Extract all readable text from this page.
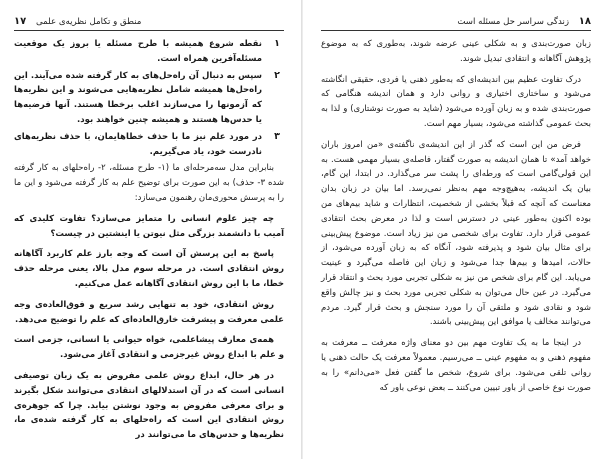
۱۷ منطق و تکامل نظریه‌ی علمی
۱
نقطه شروع همیشه با طرح مسئله یا بروز یک موقعیت مسئله‌آفرین همراه است.
۲
سپس به دنبال آن راه‌حل‌های به کار گرفته شده می‌آیند. این راه‌حل‌ها همیشه شامل نظریه‌هایی می‌شوند و این نظریه‌ها که آزمونها را می‌سازند اغلب برخطا هستند. آنها فرضیه‌ها یا حدس‌ها هستند و همیشه چنین خواهند بود.
۳
در مورد علم نیز ما با حذف خطاهایمان، با حذف نظریه‌های نادرست خود، یاد می‌گیریم.

بنابراین مدل سه‌مرحله‌ای ما (۱- طرح مسئله، ۲- راه‌حلهای به کار گرفته شده ۳- حذف) به این صورت برای توضیح علم به کار گرفته می‌شود و این ما را به پرسش محوری‌مان رهنمون می‌سازد:

چه چیز علوم انسانی را متمایز می‌سازد؟ تفاوت کلیدی که آمیب با دانشمند بزرگی مثل نیوتن یا اینشتین در چیست؟

پاسخ به این پرسش آن است که وجه بارز علم کاربرد آگاهانه روش انتقادی است. در مرحله سوم مدل بالا، یعنی مرحله حذف خطا، ما با این روش انتقادی آگاهانه عمل می‌کنیم.

روش انتقادی، خود به تنهایی رشد سریع و فوق‌العاده‌ی وجه علمی معرفت و پیشرفت خارق‌العاده‌ای که علم را توضیح می‌دهد.

همه‌ی معارف پیشاعلمی، خواه حیوانی یا انسانی، جزمی است و علم با ابداع روش غیرجزمی و انتقادی آغاز می‌شود.

در هر حال، ابداع روش علمی مفروض به یک زبان توصیفی انسانی است که در آن استدلالهای انتقادی می‌توانند شکل بگیرند و برای معرفی مفروض به وجود نوشتن بیابد. چرا که جوهره‌ی روش انتقادی این است که راه‌حلهای به کار گرفته شده‌ی ما، نظریه‌ها و حدس‌های ما می‌توانند در

۱۸
زندگی سراسر حل مسئله است

زبان صورت‌بندی و به شکلی عینی عرضه شوند، به‌طوری که به موضوع پژوهش آگاهانه و انتقادی تبدیل شوند.

درک تفاوت عظیم بین اندیشه‌ای که به‌طور ذهنی یا فردی، حقیقی انگاشته می‌شود و ساختاری اختیاری و روانی دارد و همان اندیشه هنگامی که صورت‌بندی شده و به زبان آورده می‌شود (شاید به صورت نوشتاری) و لذا به بحث عمومی گذاشته می‌شود، بسیار مهم است.

فرض من این است که گذر از این اندیشه‌ی ناگفته‌ی «من امروز باران خواهد آمد» تا همان اندیشه به صورت گفتار، فاصله‌ی بسیار مهمی هست. به این قولی‌گامی است که ورطه‌ای را پشت سر می‌گذارد. در ابتدا، این گام، بیان یک اندیشه، به‌هیچ‌وجه مهم به‌نظر نمی‌رسد. اما بیان در زبان بدان معناست که آنچه که قبلاً بخشی از شخصیت، انتظارات و شاید بیم‌های من بوده اکنون به‌طور عینی در دسترس است و لذا در معرض بحث انتقادی عمومی قرار دارد. تفاوت برای شخصی من نیز زیاد است. موضوع پیش‌بینی برای مثال بیان شود و پذیرفته شود، آنگاه که به زبان آورده می‌شود، از حالات، امیدها و بیم‌ها جدا می‌شود و زبان این فاصله می‌گیرد و عینیت می‌یابد. این گام برای شخص من نیز به شکلی تجربی مورد بحث و انتقاد قرار می‌گیرد. در عین حال می‌توان به شکلی تجربی مورد بحث و نیز چالش واقع شود و نقادی شود و ملتقی آن را مورد سنجش و بحث قرار گیرد. مردم می‌توانند مخالف یا موافق این پیش‌بینی باشند.

در اینجا ما به یک تفاوت مهم بین دو معنای واژه معرفت ــ معرفت به مفهوم ذهنی و به مفهوم عینی ــ می‌رسیم. معمولاً معرفت یک حالت ذهنی یا روانی تلقی می‌شود. برای شروع، شخص ما گفتن فعل «می‌دانم» را به صورت نوع خاصی از باور تبیین می‌کنند ــ بعض نوعی باور که
